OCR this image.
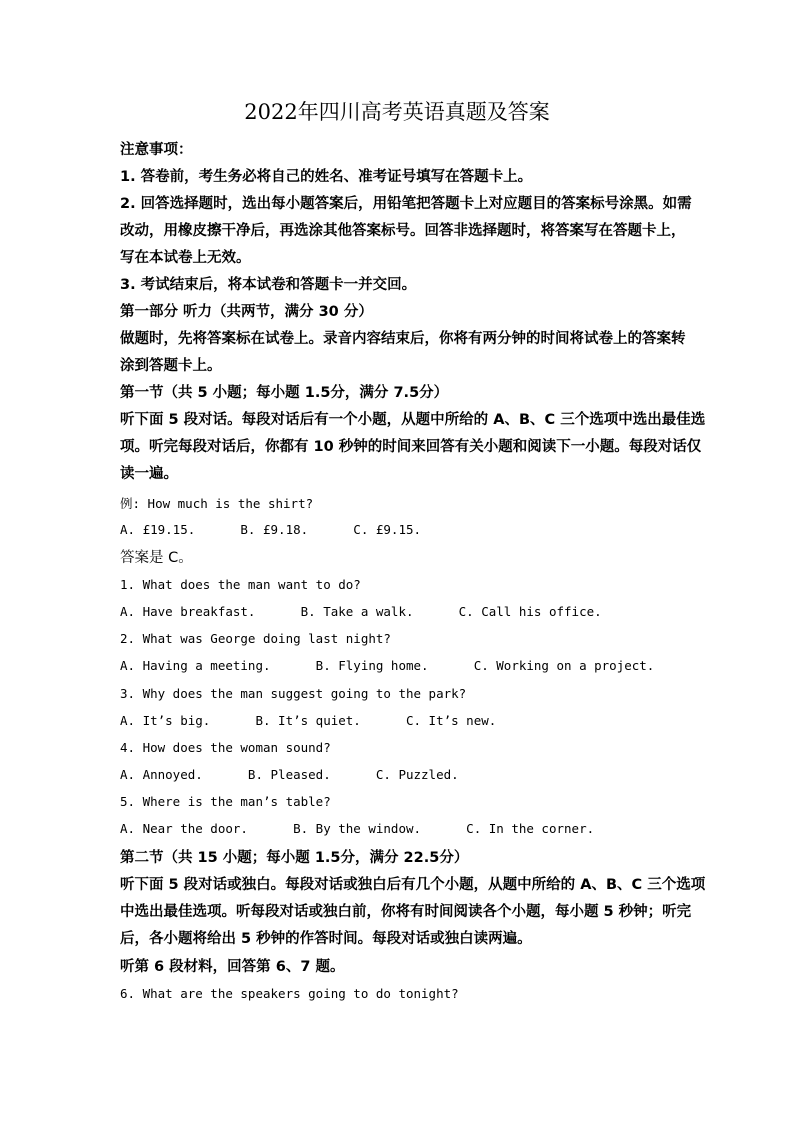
2022年四川高考英语真题及答案
注意事项：
1. 答卷前，考生务必将自己的姓名、准考证号填写在答题卡上。
2. 回答选择题时，选出每小题答案后，用铅笔把答题卡上对应题目的答案标号涂黑。如需
改动，用橡皮擦干净后，再选涂其他答案标号。回答非选择题时，将答案写在答题卡上，
写在本试卷上无效。
3. 考试结束后，将本试卷和答题卡一并交回。
第一部分 听力（共两节，满分 30 分）
做题时，先将答案标在试卷上。录音内容结束后，你将有两分钟的时间将试卷上的答案转
涂到答题卡上。
第一节（共 5 小题；每小题 1.5分，满分 7.5分）
听下面 5 段对话。每段对话后有一个小题，从题中所给的 A、B、C 三个选项中选出最佳选
项。听完每段对话后，你都有 10 秒钟的时间来回答有关小题和阅读下一小题。每段对话仅
读一遍。
例: How much is the shirt?
A. £19.15.      B. £9.18.      C. £9.15.
答案是 C。
1. What does the man want to do?
A. Have breakfast.      B. Take a walk.      C. Call his office.
2. What was George doing last night?
A. Having a meeting.      B. Flying home.      C. Working on a project.
3. Why does the man suggest going to the park?
A. It’s big.      B. It’s quiet.      C. It’s new.
4. How does the woman sound?
A. Annoyed.      B. Pleased.      C. Puzzled.
5. Where is the man’s table?
A. Near the door.      B. By the window.      C. In the corner.
第二节（共 15 小题；每小题 1.5分，满分 22.5分）
听下面 5 段对话或独白。每段对话或独白后有几个小题，从题中所给的 A、B、C 三个选项
中选出最佳选项。听每段对话或独白前，你将有时间阅读各个小题，每小题 5 秒钟；听完
后，各小题将给出 5 秒钟的作答时间。每段对话或独白读两遍。
听第 6 段材料，回答第 6、7 题。
6. What are the speakers going to do tonight?
